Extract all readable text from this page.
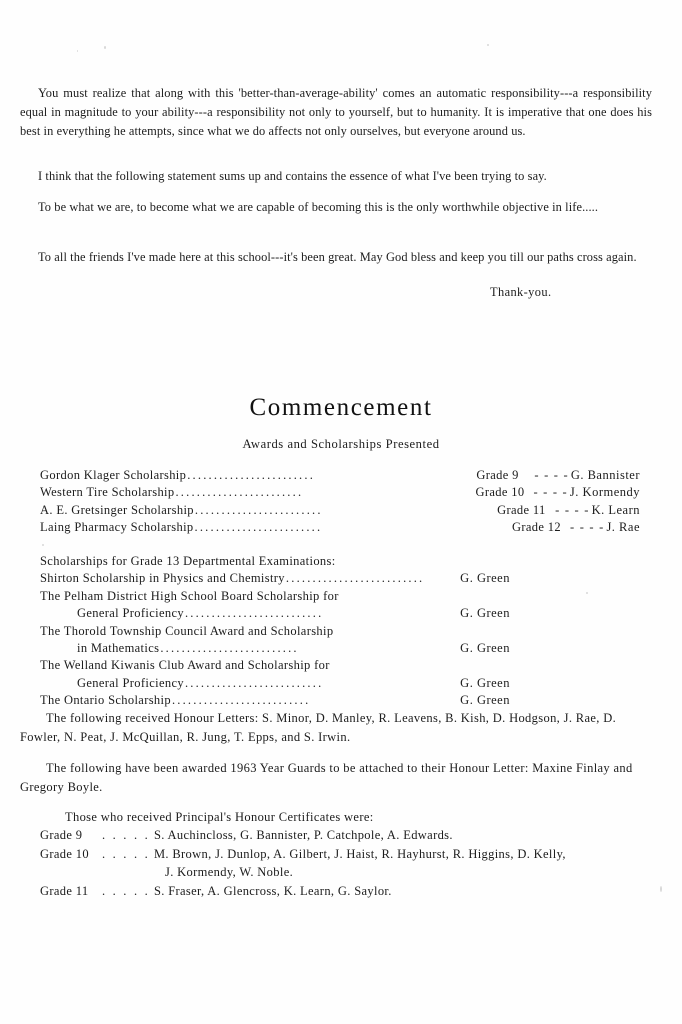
You must realize that along with this 'better-than-average-ability' comes an automatic responsibility---a responsibility equal in magnitude to your ability---a responsibility not only to yourself, but to humanity. It is imperative that one does his best in everything he attempts, since what we do affects not only ourselves, but everyone around us.

I think that the following statement sums up and contains the essence of what I've been trying to say.

To be what we are, to become what we are capable of becoming this is the only worthwhile objective in life.....

To all the friends I've made here at this school---it's been great. May God bless and keep you till our paths cross again.

Thank-you.
Commencement
Awards and Scholarships Presented
Gordon Klager Scholarship ........................	Grade 9	- - - - G. Bannister
Western Tire Scholarship ........................	Grade 10 - - - - J. Kormendy
A. E. Gretsinger Scholarship ........................	Grade 11 - - - - K. Learn
Laing Pharmacy Scholarship ........................	Grade 12 - - - - J. Rae
Scholarships for Grade 13 Departmental Examinations:
Shirton Scholarship in Physics and Chemistry ..........................	G. Green
The Pelham District High School Board Scholarship for
General Proficiency ..........................	G. Green
The Thorold Township Council Award and Scholarship
in Mathematics ..........................	G. Green
The Welland Kiwanis Club Award and Scholarship for
General Proficiency ..........................	G. Green
The Ontario Scholarship ..........................	G. Green
The following received Honour Letters: S. Minor, D. Manley, R. Leavens, B. Kish, D. Hodgson, J. Rae, D. Fowler, N. Peat, J. McQuillan, R. Jung, T. Epps, and S. Irwin.
The following have been awarded 1963 Year Guards to be attached to their Honour Letter: Maxine Finlay and Gregory Boyle.
Those who received Principal's Honour Certificates were:
Grade 9 . . . . . S. Auchincloss, G. Bannister, P. Catchpole, A. Edwards.
Grade 10 . . . . . M. Brown, J. Dunlop, A. Gilbert, J. Haist, R. Hayhurst, R. Higgins, D. Kelly,
J. Kormendy, W. Noble.
Grade 11 . . . . . S. Fraser, A. Glencross, K. Learn, G. Saylor.
